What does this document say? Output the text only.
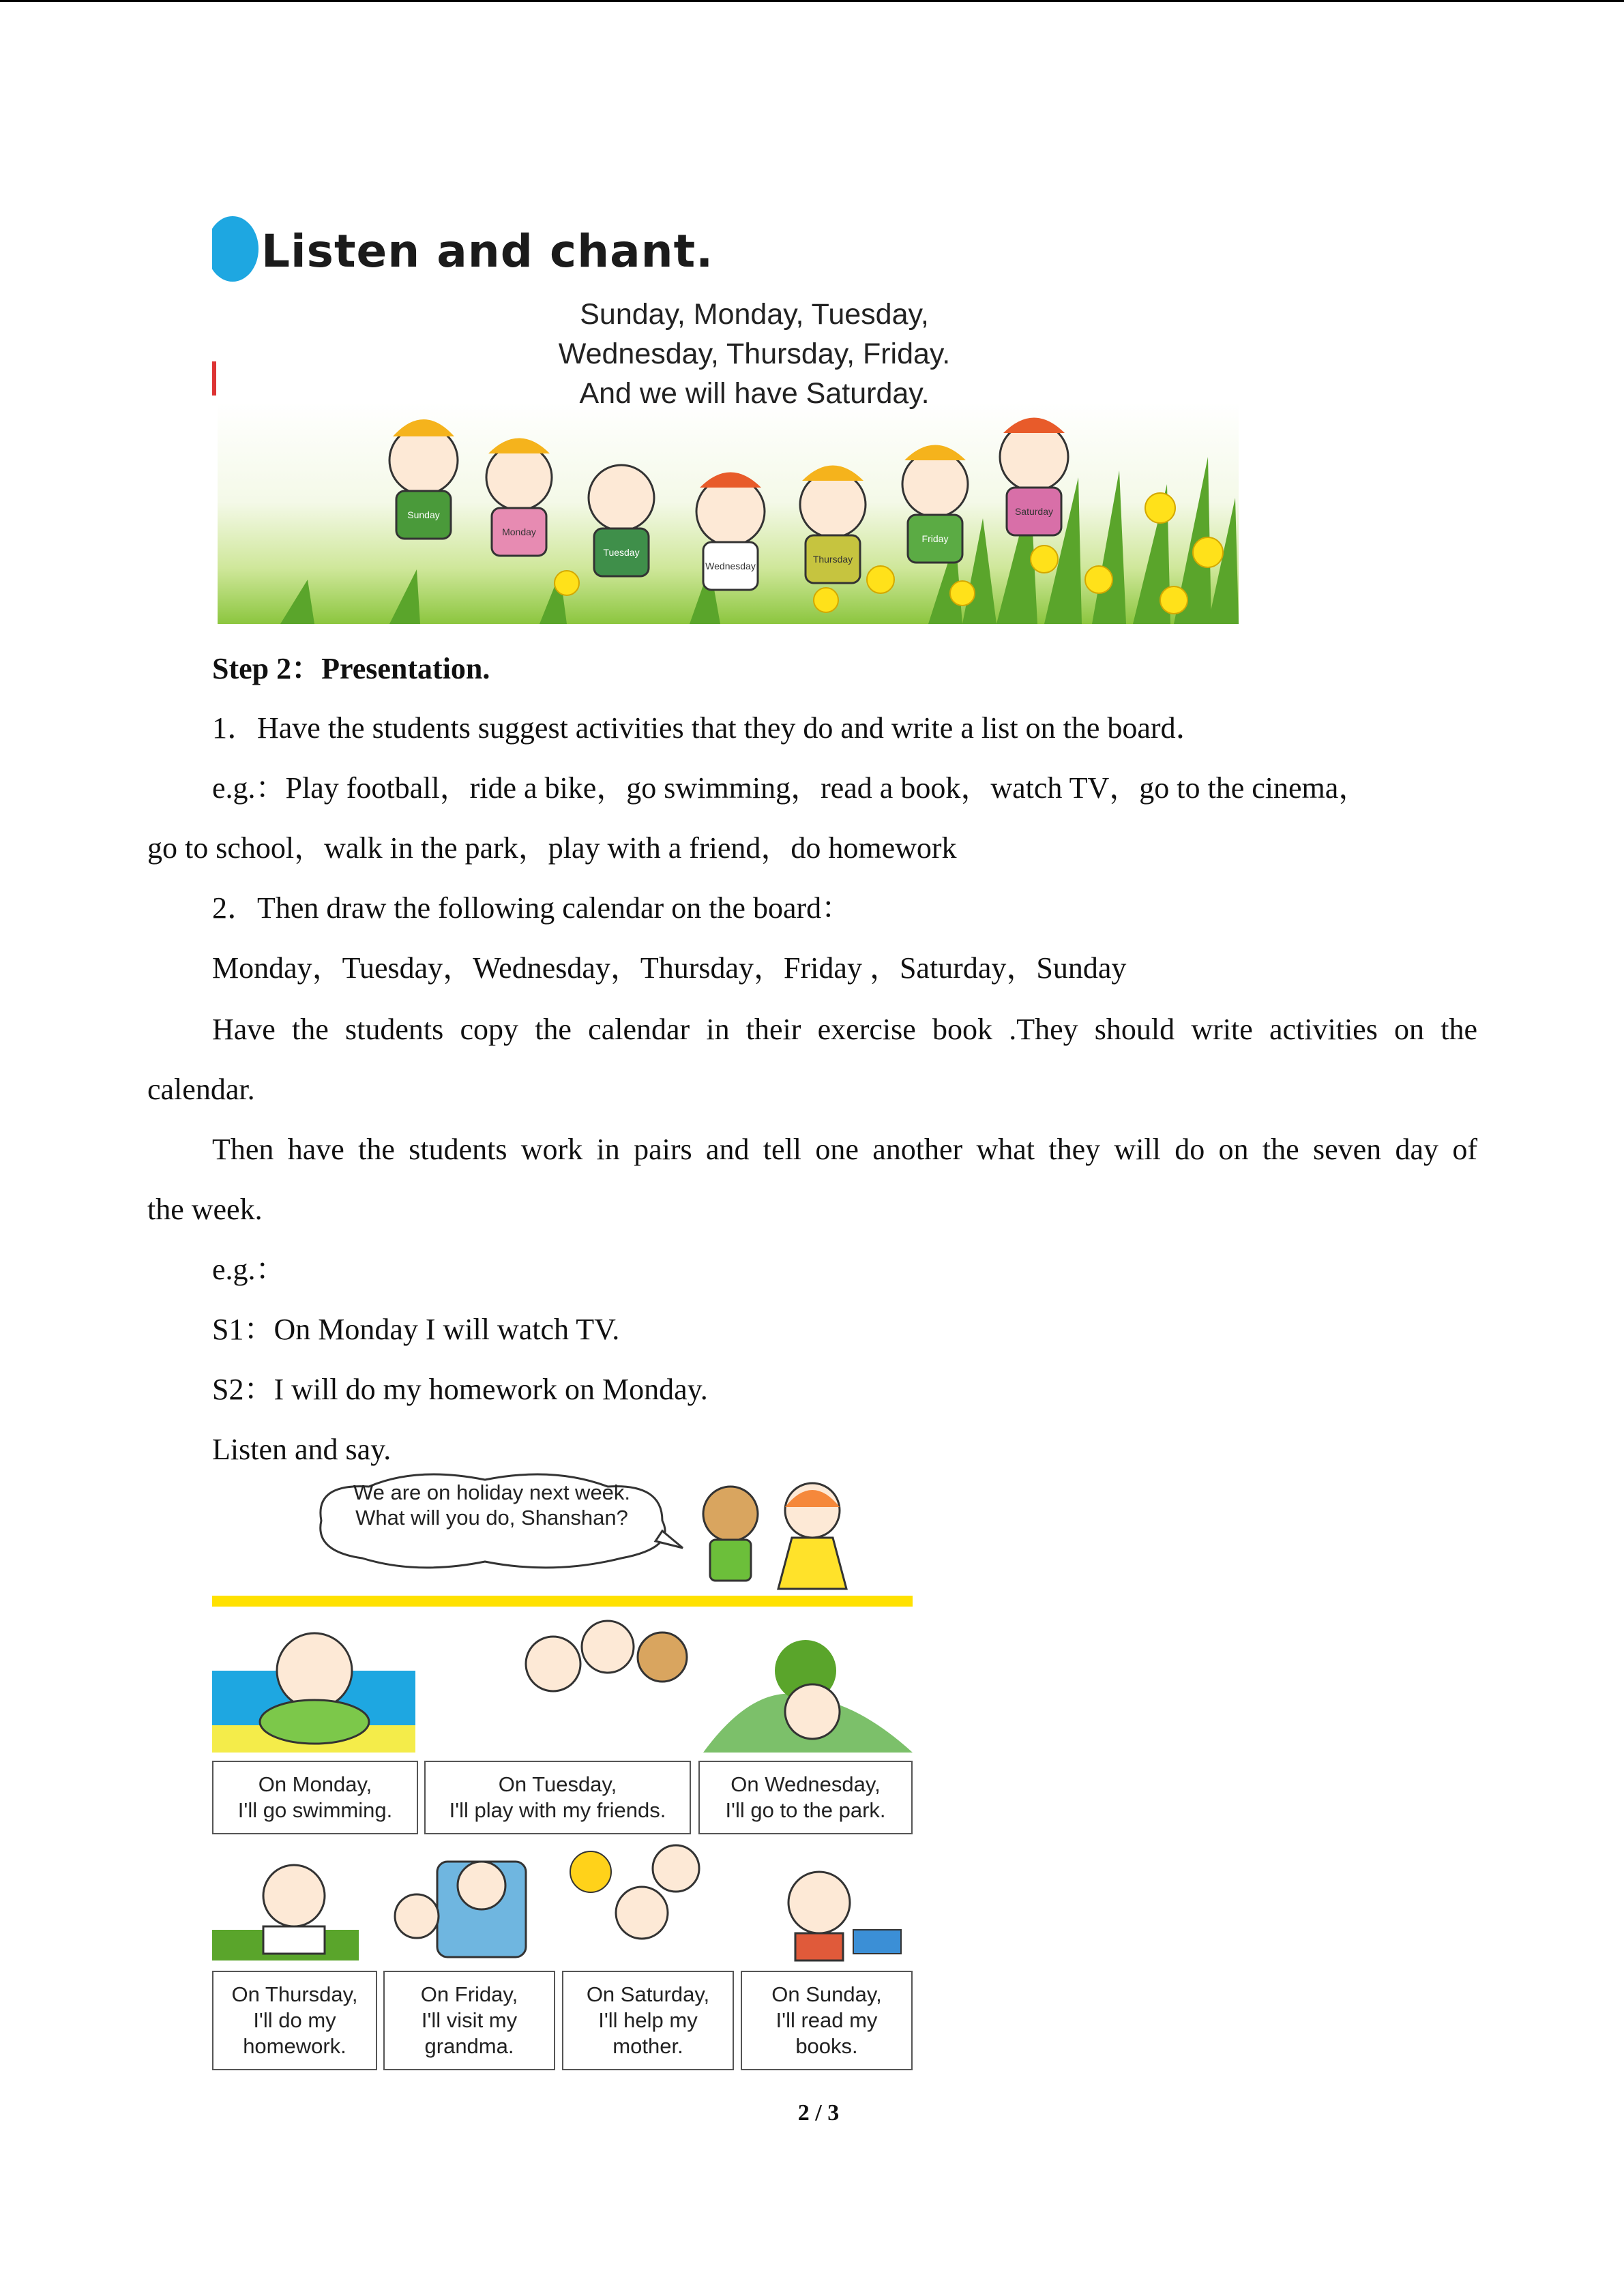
Listen and chant.
Sunday, Monday, Tuesday,
Wednesday, Thursday, Friday.
And we will have Saturday.
Sunday
Monday
Tuesday
Wednesday
Thursday
Friday
Saturday
Step 2：Presentation.
1．Have the students suggest activities that they do and write a list on the board．
e.g.：Play football，ride a bike，go swimming，read a book，watch TV，go to the cinema，
go to school，walk in the park，play with a friend，do homework
2．Then draw the following calendar on the board：
Monday，Tuesday，Wednesday，Thursday，Friday ，Saturday，Sunday
Have the students copy the calendar in their exercise book .They should write activities on the
calendar.
Then have the students work in pairs and tell one another what they will do on the seven day of
the week.
e.g.：
S1：On Monday I will watch TV.
S2：I will do my homework on Monday.
Listen and say.
We are on holiday next week.
What will you do, Shanshan?
On Monday,
I'll go swimming.
On Tuesday,
I'll play with my friends.
On Wednesday,
I'll go to the park.
On Thursday,
I'll do my
homework.
On Friday,
I'll visit my
grandma.
On Saturday,
I'll help my
mother.
On Sunday,
I'll read my
books.
2 / 3
